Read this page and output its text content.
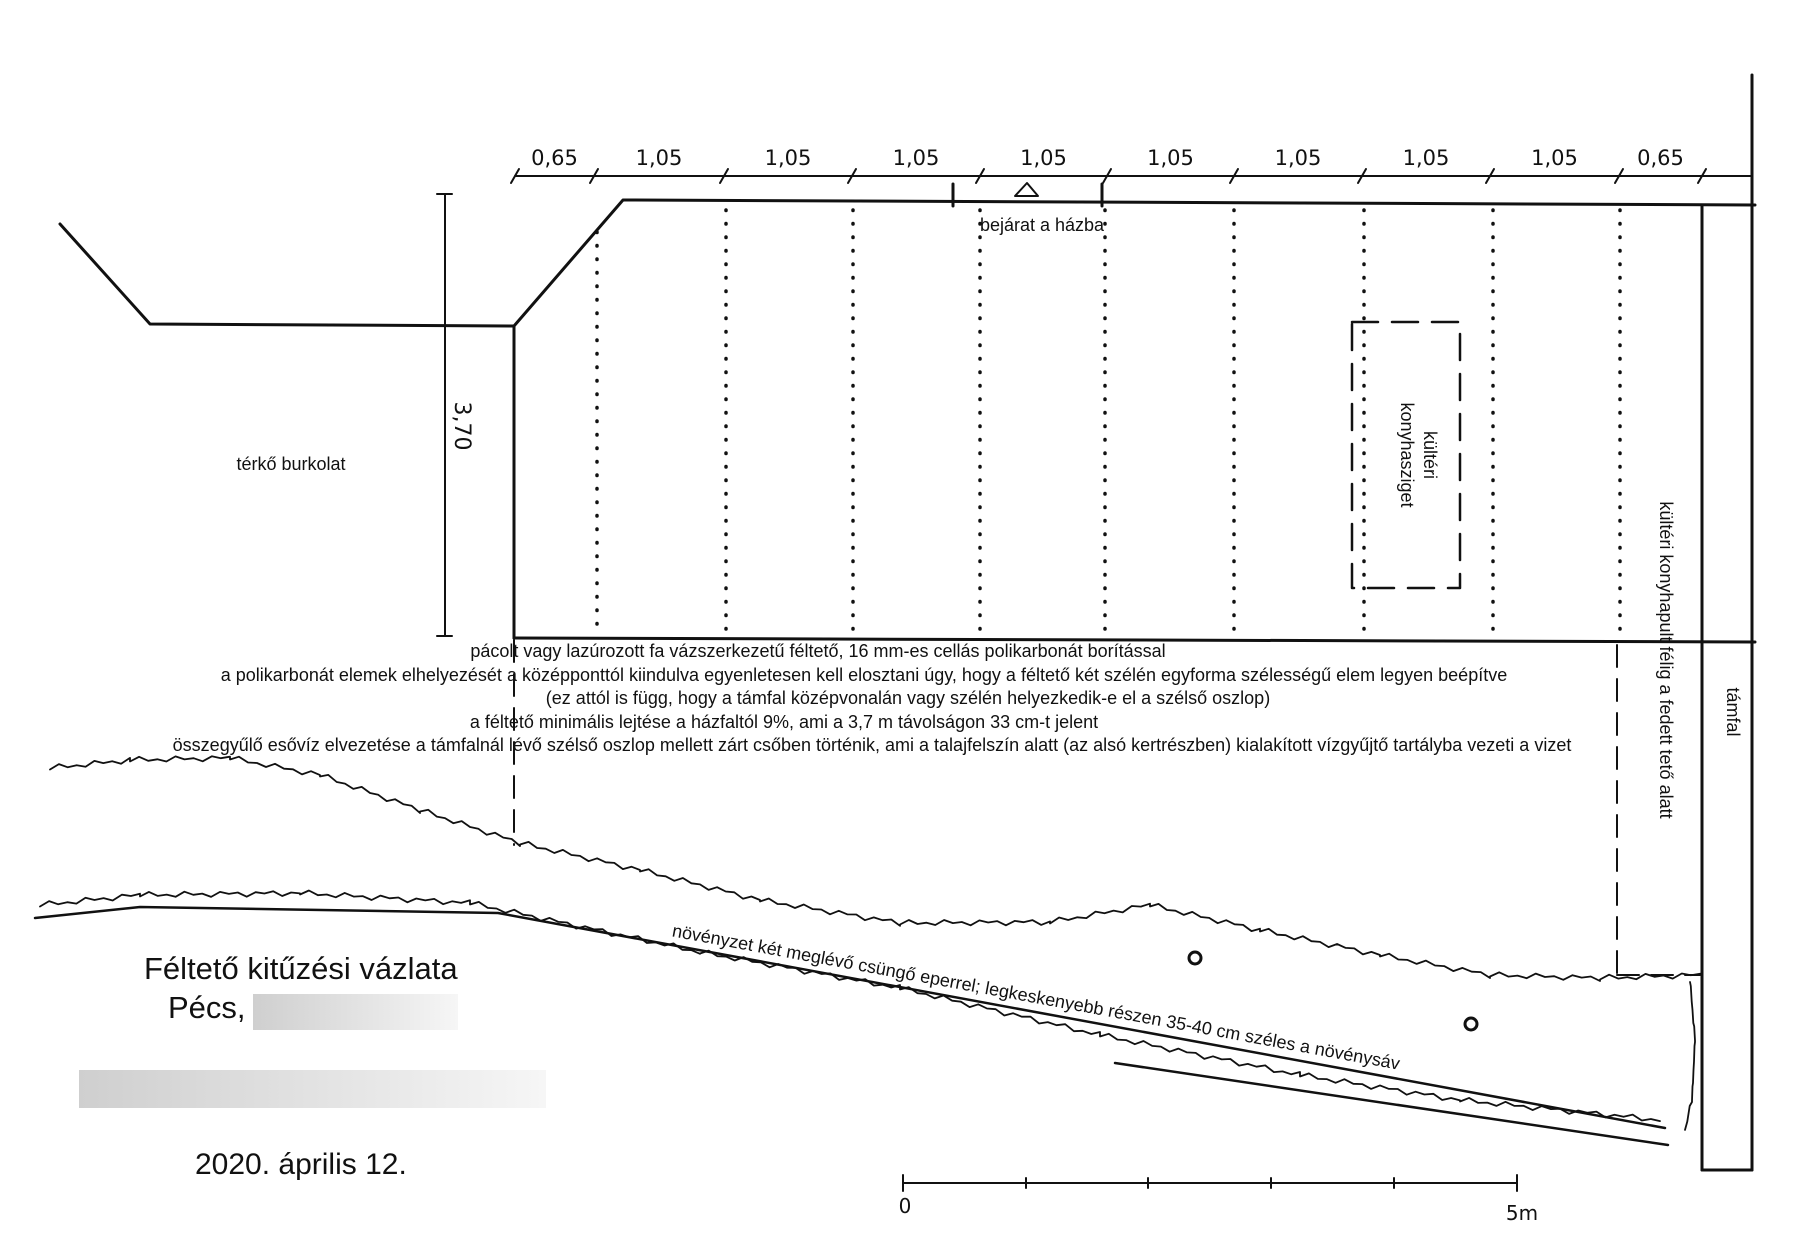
0,65	1,05	1,05	1,05	1,05	1,05	1,05	1,05	1,05	0,65
bejárat a házba
3,70
kültéri
konyhasziget
kültéri konyhapult félig a fedett tető alatt	támfal
térkő burkolat
pácolt vagy lazúrozott fa vázszerkezetű féltető, 16 mm-es cellás polikarbonát borítással
a polikarbonát elemek elhelyezését a középponttól kiindulva egyenletesen kell elosztani úgy, hogy a féltető két szélén egyforma szélességű elem legyen beépítve
(ez attól is függ, hogy a támfal középvonalán vagy szélén helyezkedik-e el a szélső oszlop)
a féltető minimális lejtése a házfaltól 9%, ami a 3,7 m távolságon 33 cm-t jelent
összegyűlő esővíz elvezetése a támfalnál lévő szélső oszlop mellett zárt csőben történik, ami a talajfelszín alatt (az alsó kertrészben) kialakított vízgyűjtő tartályba vezeti a vizet
növényzet két meglévő csüngő eperrel; legkeskenyebb részen 35-40 cm széles a növénysáv
0	5m
Féltető kitűzési vázlata
Pécs,
2020. április 12.
